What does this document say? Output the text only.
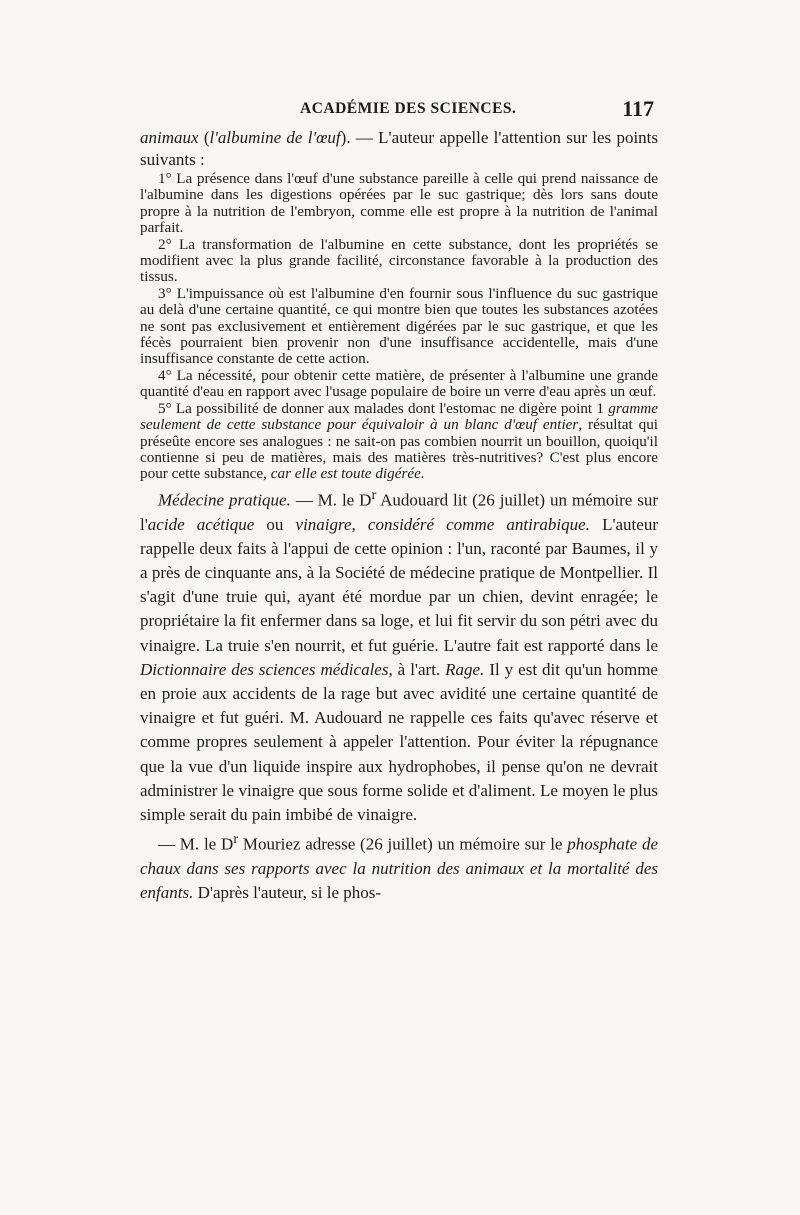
ACADÉMIE DES SCIENCES.	117

animaux (l'albumine de l'œuf). — L'auteur appelle l'attention sur les points suivants :

1° La présence dans l'œuf d'une substance pareille à celle qui prend naissance de l'albumine dans les digestions opérées par le suc gastrique; dès lors sans doute propre à la nutrition de l'embryon, comme elle est propre à la nutrition de l'animal parfait.

2° La transformation de l'albumine en cette substance, dont les propriétés se modifient avec la plus grande facilité, circonstance favorable à la production des tissus.

3° L'impuissance où est l'albumine d'en fournir sous l'influence du suc gastrique au delà d'une certaine quantité, ce qui montre bien que toutes les substances azotées ne sont pas exclusivement et entièrement digérées par le suc gastrique, et que les fécès pourraient bien provenir non d'une insuffisance accidentelle, mais d'une insuffisance constante de cette action.

4° La nécessité, pour obtenir cette matière, de présenter à l'albumine une grande quantité d'eau en rapport avec l'usage populaire de boire un verre d'eau après un œuf.

5° La possibilité de donner aux malades dont l'estomac ne digère point 1 gramme seulement de cette substance pour équivaloir à un blanc d'œuf entier, résultat qui préseûte encore ses analogues : ne sait-on pas combien nourrit un bouillon, quoiqu'il contienne si peu de matières, mais des matières très-nutritives? C'est plus encore pour cette substance, car elle est toute digérée.

Médecine pratique. — M. le $D^r$ Audouard lit (26 juillet) un mémoire sur l'acide acétique ou vinaigre, considéré comme antirabique. L'auteur rappelle deux faits à l'appui de cette opinion : l'un, raconté par Baumes, il y a près de cinquante ans, à la Société de médecine pratique de Montpellier. Il s'agit d'une truie qui, ayant été mordue par un chien, devint enragée; le propriétaire la fit enfermer dans sa loge, et lui fit servir du son pétri avec du vinaigre. La truie s'en nourrit, et fut guérie. L'autre fait est rapporté dans le Dictionnaire des sciences médicales, à l'art. Rage. Il y est dit qu'un homme en proie aux accidents de la rage but avec avidité une certaine quantité de vinaigre et fut guéri. M. Audouard ne rappelle ces faits qu'avec réserve et comme propres seulement à appeler l'attention. Pour éviter la répugnance que la vue d'un liquide inspire aux hydrophobes, il pense qu'on ne devrait administrer le vinaigre que sous forme solide et d'aliment. Le moyen le plus simple serait du pain imbibé de vinaigre.

— M. le $D^r$ Mouriez adresse (26 juillet) un mémoire sur le phosphate de chaux dans ses rapports avec la nutrition des animaux et la mortalité des enfants. D'après l'auteur, si le phos-
